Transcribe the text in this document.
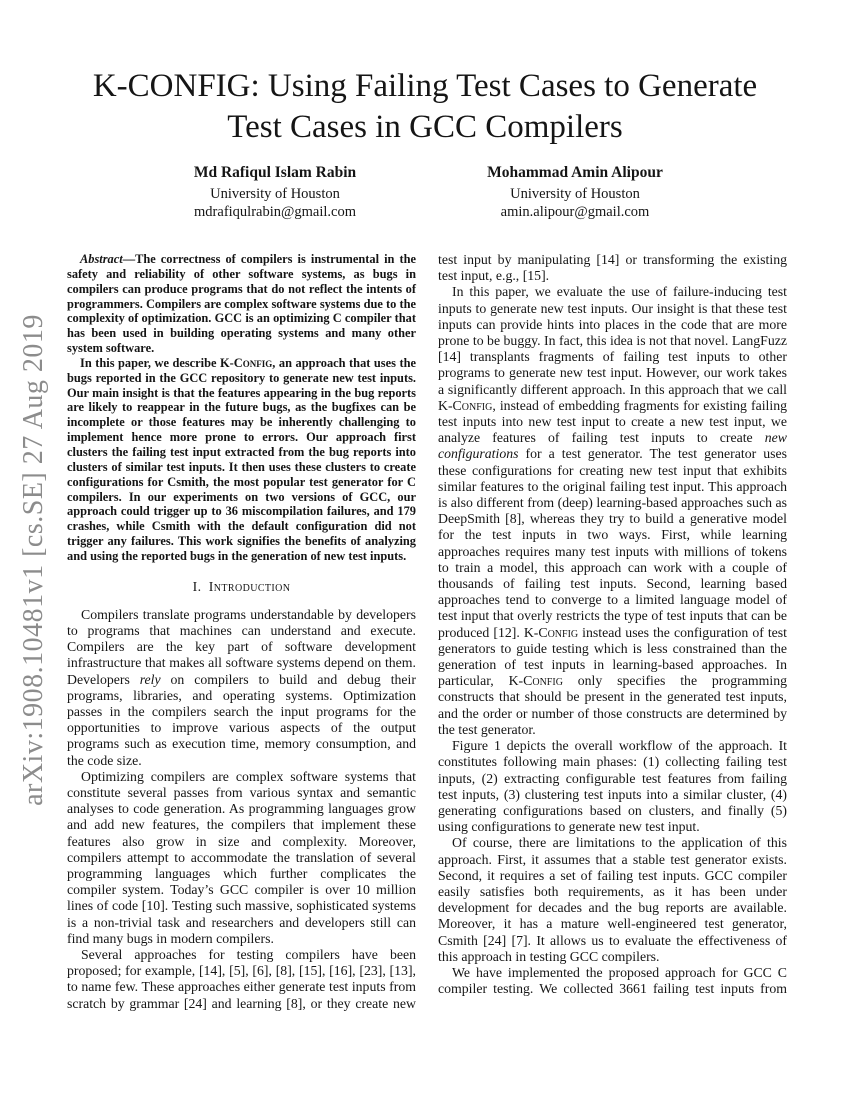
arXiv:1908.10481v1 [cs.SE] 27 Aug 2019
K-CONFIG: Using Failing Test Cases to Generate
Test Cases in GCC Compilers
Md Rafiqul Islam Rabin
University of Houston
mdrafiqulrabin@gmail.com
Mohammad Amin Alipour
University of Houston
amin.alipour@gmail.com

Abstract—The correctness of compilers is instrumental in the safety and reliability of other software systems, as bugs in compilers can produce programs that do not reflect the intents of programmers. Compilers are complex software systems due to the complexity of optimization. GCC is an optimizing C compiler that has been used in building operating systems and many other system software.

In this paper, we describe K-Config, an approach that uses the bugs reported in the GCC repository to generate new test inputs. Our main insight is that the features appearing in the bug reports are likely to reappear in the future bugs, as the bugfixes can be incomplete or those features may be inherently challenging to implement hence more prone to errors. Our approach first clusters the failing test input extracted from the bug reports into clusters of similar test inputs. It then uses these clusters to create configurations for Csmith, the most popular test generator for C compilers. In our experiments on two versions of GCC, our approach could trigger up to 36 miscompilation failures, and 179 crashes, while Csmith with the default configuration did not trigger any failures. This work signifies the benefits of analyzing and using the reported bugs in the generation of new test inputs.

I. Introduction

Compilers translate programs understandable by developers to programs that machines can understand and execute. Compilers are the key part of software development infrastructure that makes all software systems depend on them. Developers rely on compilers to build and debug their programs, libraries, and operating systems. Optimization passes in the compilers search the input programs for the opportunities to improve various aspects of the output programs such as execution time, memory consumption, and the code size.

Optimizing compilers are complex software systems that constitute several passes from various syntax and semantic analyses to code generation. As programming languages grow and add new features, the compilers that implement these features also grow in size and complexity. Moreover, compilers attempt to accommodate the translation of several programming languages which further complicates the compiler system. Today’s GCC compiler is over 10 million lines of code [10]. Testing such massive, sophisticated systems is a non-trivial task and researchers and developers still can find many bugs in modern compilers.

Several approaches for testing compilers have been proposed; for example, [14], [5], [6], [8], [15], [16], [23], [13], to name few. These approaches either generate test inputs from scratch by grammar [24] and learning [8], or they create new

test input by manipulating [14] or transforming the existing test input, e.g., [15].

In this paper, we evaluate the use of failure-inducing test inputs to generate new test inputs. Our insight is that these test inputs can provide hints into places in the code that are more prone to be buggy. In fact, this idea is not that novel. LangFuzz [14] transplants fragments of failing test inputs to other programs to generate new test input. However, our work takes a significantly different approach. In this approach that we call K-Config, instead of embedding fragments for existing failing test inputs into new test input to create a new test input, we analyze features of failing test inputs to create new configurations for a test generator. The test generator uses these configurations for creating new test input that exhibits similar features to the original failing test input. This approach is also different from (deep) learning-based approaches such as DeepSmith [8], whereas they try to build a generative model for the test inputs in two ways. First, while learning approaches requires many test inputs with millions of tokens to train a model, this approach can work with a couple of thousands of failing test inputs. Second, learning based approaches tend to converge to a limited language model of test input that overly restricts the type of test inputs that can be produced [12]. K-Config instead uses the configuration of test generators to guide testing which is less constrained than the generation of test inputs in learning-based approaches. In particular, K-Config only specifies the programming constructs that should be present in the generated test inputs, and the order or number of those constructs are determined by the test generator.

Figure 1 depicts the overall workflow of the approach. It constitutes following main phases: (1) collecting failing test inputs, (2) extracting configurable test features from failing test inputs, (3) clustering test inputs into a similar cluster, (4) generating configurations based on clusters, and finally (5) using configurations to generate new test input.

Of course, there are limitations to the application of this approach. First, it assumes that a stable test generator exists. Second, it requires a set of failing test inputs. GCC compiler easily satisfies both requirements, as it has been under development for decades and the bug reports are available. Moreover, it has a mature well-engineered test generator, Csmith [24] [7]. It allows us to evaluate the effectiveness of this approach in testing GCC compilers.

We have implemented the proposed approach for GCC C compiler testing. We collected 3661 failing test inputs from
